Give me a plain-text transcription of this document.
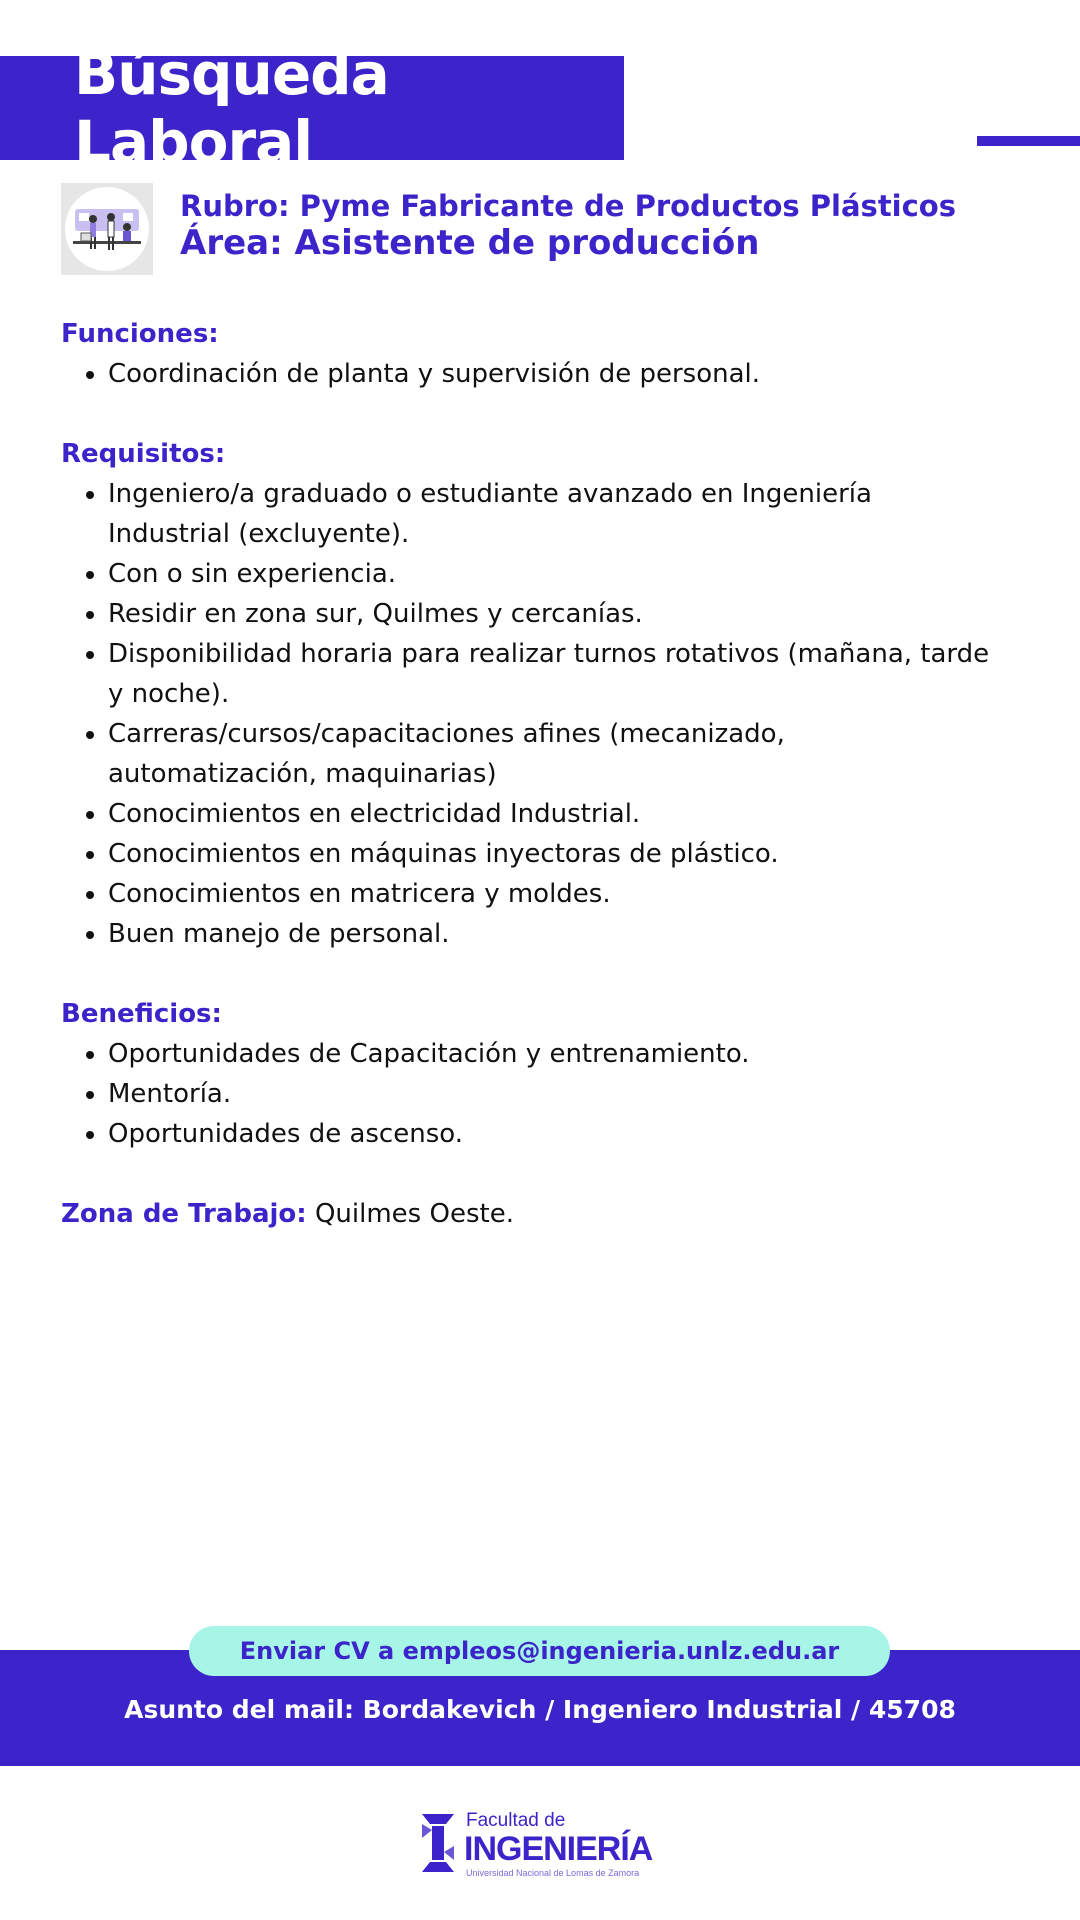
Búsqueda Laboral
Rubro: Pyme Fabricante de Productos Plásticos
Área: Asistente de producción

Funciones:

• Coordinación de planta y supervisión de personal.

Requisitos:

• Ingeniero/a graduado o estudiante avanzado en Ingeniería Industrial (excluyente).
• Con o sin experiencia.
• Residir en zona sur, Quilmes y cercanías.
• Disponibilidad horaria para realizar turnos rotativos (mañana, tarde y noche).
• Carreras/cursos/capacitaciones afines (mecanizado, automatización, maquinarias)
• Conocimientos en electricidad Industrial.
• Conocimientos en máquinas inyectoras de plástico.
• Conocimientos en matricera y moldes.
• Buen manejo de personal.

Beneficios:

• Oportunidades de Capacitación y entrenamiento.
• Mentoría.
• Oportunidades de ascenso.
Zona de Trabajo: Quilmes Oeste.
Enviar CV a empleos@ingenieria.unlz.edu.ar
Asunto del mail: Bordakevich / Ingeniero Industrial / 45708
Facultad de
INGENIERÍA
Universidad Nacional de Lomas de Zamora
